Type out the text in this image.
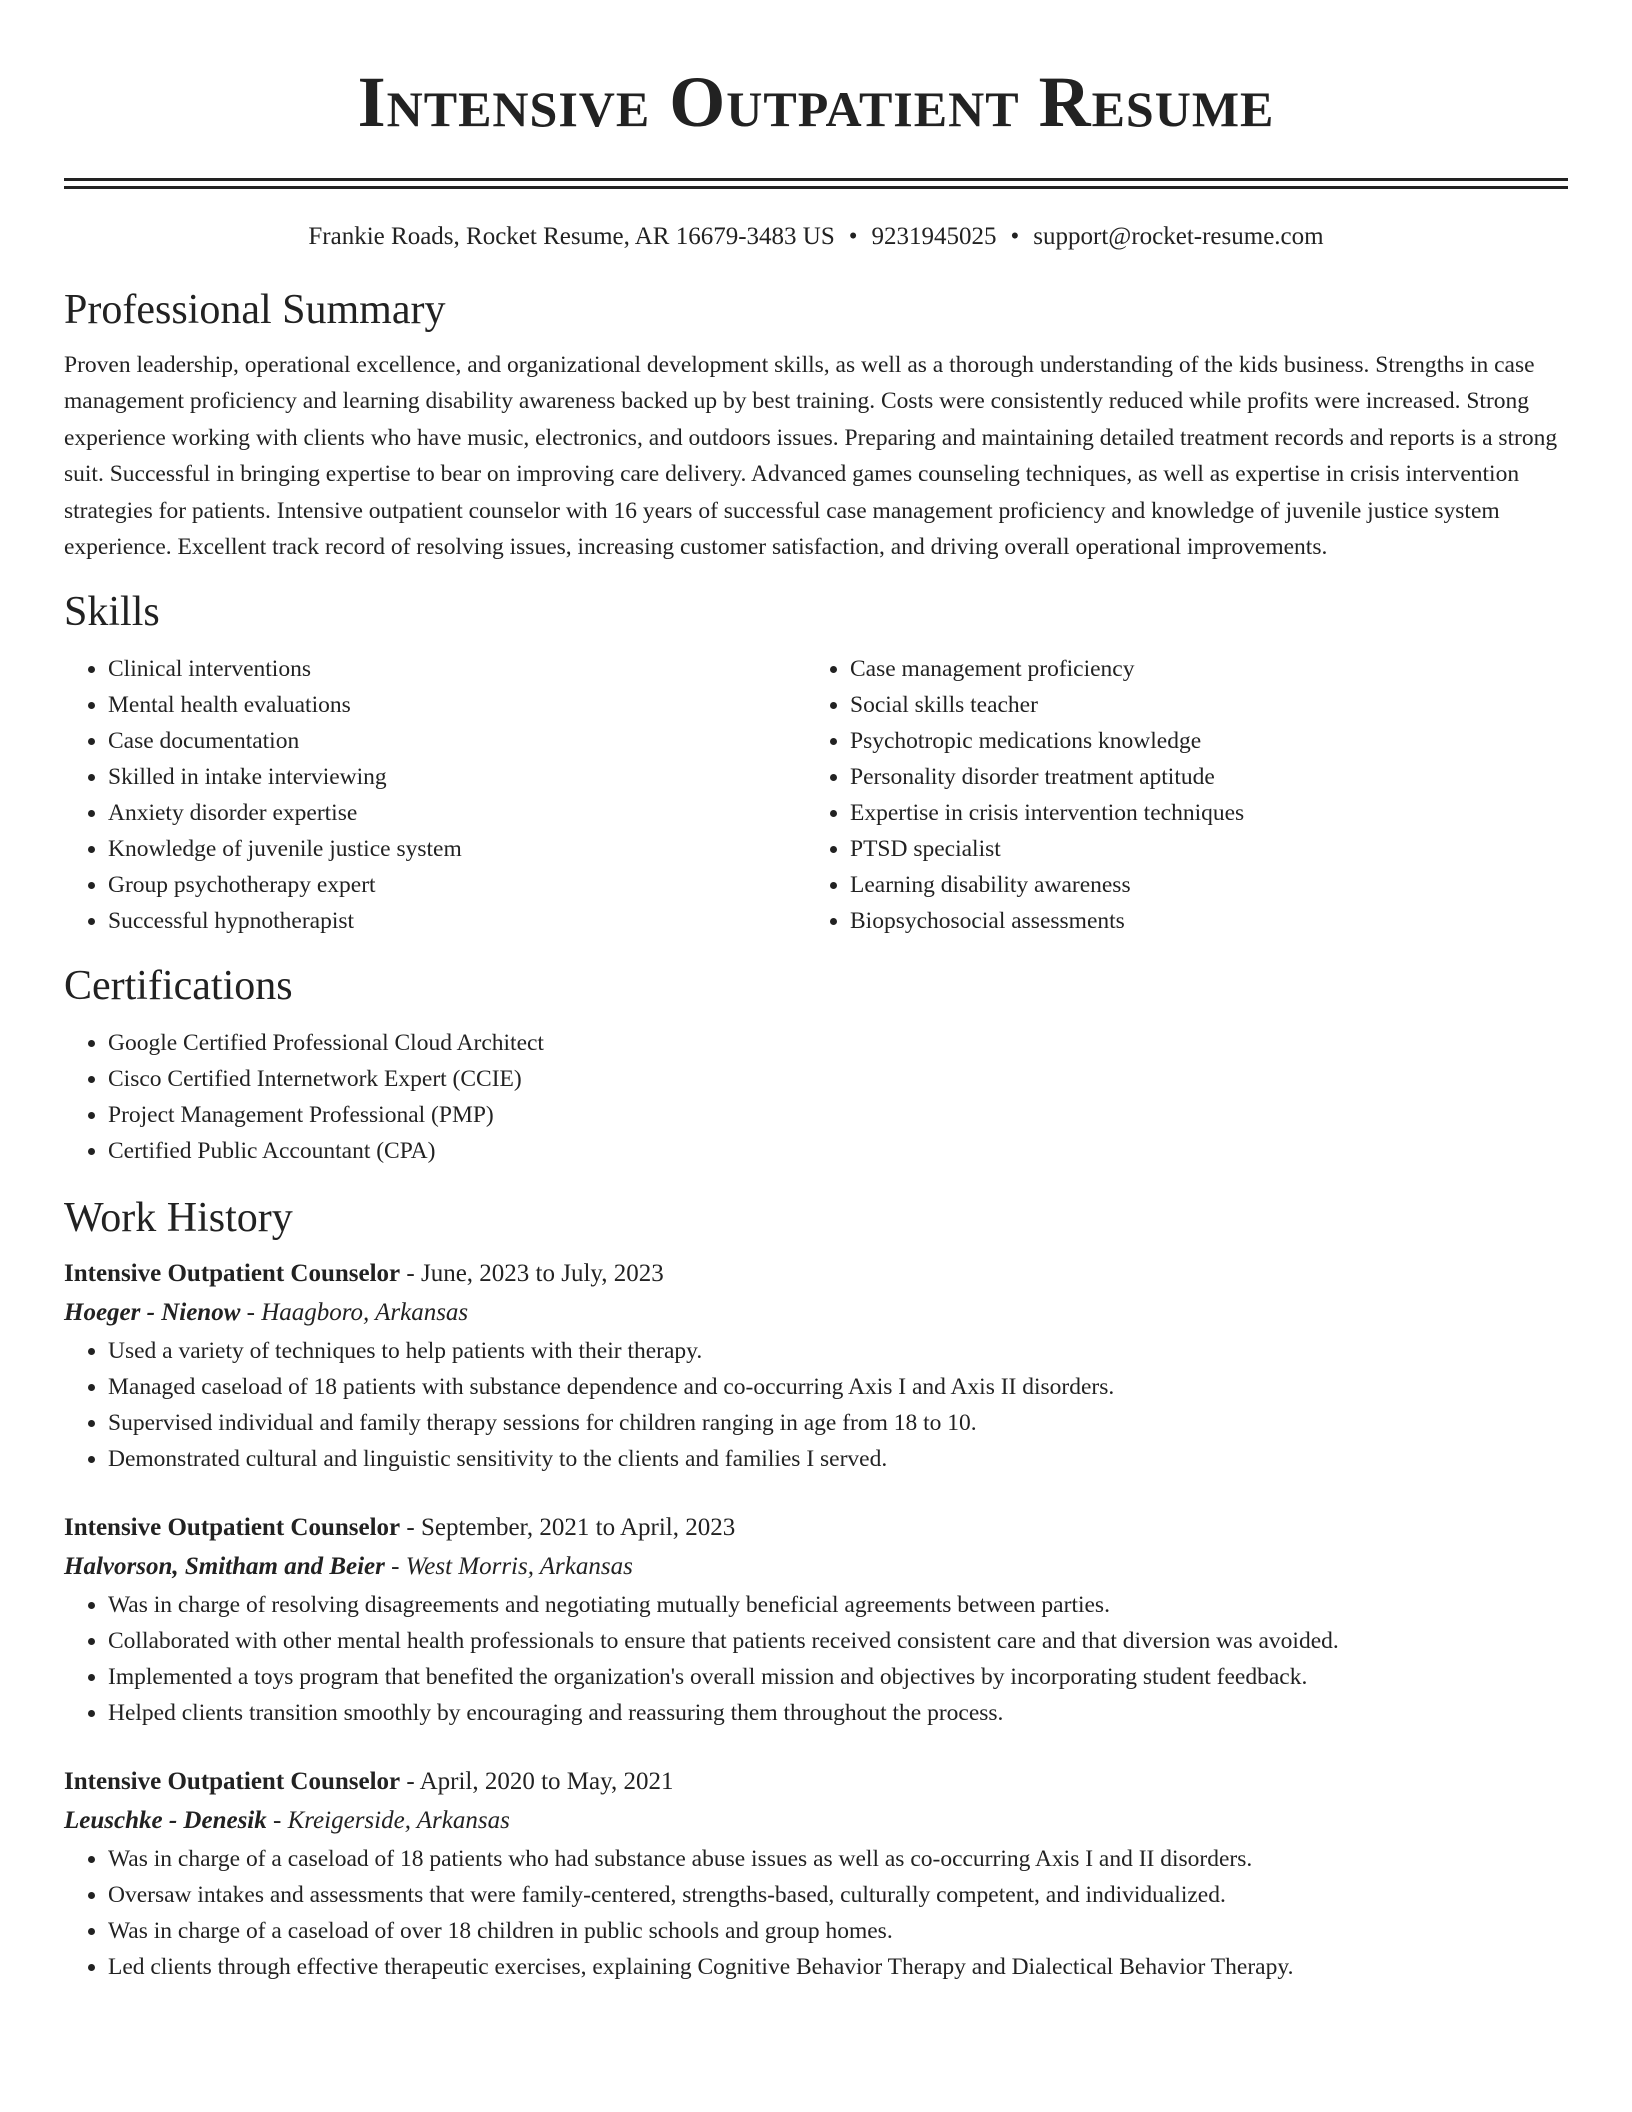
Intensive Outpatient Resume
Frankie Roads, Rocket Resume, AR 16679-3483 US • 9231945025 • support@rocket-resume.com
Professional Summary

Proven leadership, operational excellence, and organizational development skills, as well as a thorough understanding of the kids business. Strengths in case management proficiency and learning disability awareness backed up by best training. Costs were consistently reduced while profits were increased. Strong experience working with clients who have music, electronics, and outdoors issues. Preparing and maintaining detailed treatment records and reports is a strong suit. Successful in bringing expertise to bear on improving care delivery. Advanced games counseling techniques, as well as expertise in crisis intervention strategies for patients. Intensive outpatient counselor with 16 years of successful case management proficiency and knowledge of juvenile justice system experience. Excellent track record of resolving issues, increasing customer satisfaction, and driving overall operational improvements.

Skills
• Clinical interventions
• Mental health evaluations
• Case documentation
• Skilled in intake interviewing
• Anxiety disorder expertise
• Knowledge of juvenile justice system
• Group psychotherapy expert
• Successful hypnotherapist
• Case management proficiency
• Social skills teacher
• Psychotropic medications knowledge
• Personality disorder treatment aptitude
• Expertise in crisis intervention techniques
• PTSD specialist
• Learning disability awareness
• Biopsychosocial assessments
Certifications
• Google Certified Professional Cloud Architect
• Cisco Certified Internetwork Expert (CCIE)
• Project Management Professional (PMP)
• Certified Public Accountant (CPA)
Work History
Intensive Outpatient Counselor - June, 2023 to July, 2023
Hoeger - Nienow - Haagboro, Arkansas
• Used a variety of techniques to help patients with their therapy.
• Managed caseload of 18 patients with substance dependence and co-occurring Axis I and Axis II disorders.
• Supervised individual and family therapy sessions for children ranging in age from 18 to 10.
• Demonstrated cultural and linguistic sensitivity to the clients and families I served.
Intensive Outpatient Counselor - September, 2021 to April, 2023
Halvorson, Smitham and Beier - West Morris, Arkansas
• Was in charge of resolving disagreements and negotiating mutually beneficial agreements between parties.
• Collaborated with other mental health professionals to ensure that patients received consistent care and that diversion was avoided.
• Implemented a toys program that benefited the organization's overall mission and objectives by incorporating student feedback.
• Helped clients transition smoothly by encouraging and reassuring them throughout the process.
Intensive Outpatient Counselor - April, 2020 to May, 2021
Leuschke - Denesik - Kreigerside, Arkansas
• Was in charge of a caseload of 18 patients who had substance abuse issues as well as co-occurring Axis I and II disorders.
• Oversaw intakes and assessments that were family-centered, strengths-based, culturally competent, and individualized.
• Was in charge of a caseload of over 18 children in public schools and group homes.
• Led clients through effective therapeutic exercises, explaining Cognitive Behavior Therapy and Dialectical Behavior Therapy.
